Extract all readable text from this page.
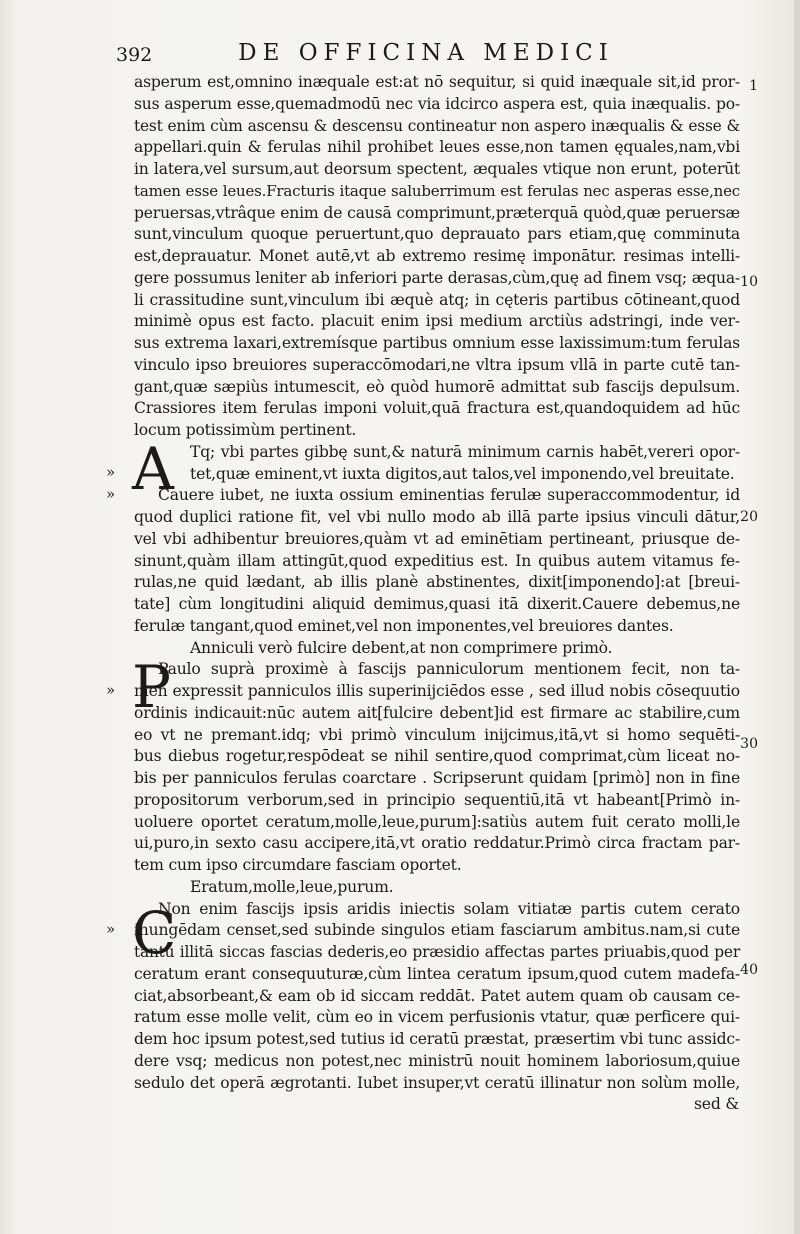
392	DE OFFICINA MEDICI
asperum est,omnino inæquale est:at nō sequitur, si quid inæquale sit,id pror-
sus asperum esse,quemadmodū nec via idcirco aspera est, quia inæqualis. po-
test enim cùm ascensu & descensu contineatur non aspero inæqualis & esse &
appellari.quin & ferulas nihil prohibet leues esse,non tamen ęquales,nam,vbi
in latera,vel sursum,aut deorsum spectent, æquales vtique non erunt, poterūt
tamen esse leues.Fracturis itaque saluberrimum est ferulas nec asperas esse,nec
peruersas,vtrâque enim de causā comprimunt,præterquā quòd,quæ peruersæ
sunt,vinculum quoque peruertunt,quo deprauato pars etiam,quę comminuta
est,deprauatur. Monet autē,vt ab extremo resimę imponātur. resimas intelli-
gere possumus leniter ab inferiori parte derasas,cùm,quę ad finem vsq; æqua-
li crassitudine sunt,vinculum ibi æquè atq; in cęteris partibus cōtineant,quod
minimè opus est facto. placuit enim ipsi medium arctiùs adstringi, inde ver-
sus extrema laxari,extremísque partibus omnium esse laxissimum:tum ferulas
vinculo ipso breuiores superaccōmodari,ne vltra ipsum vllā in parte cutē tan-
gant,quæ sæpiùs intumescit, eò quòd humorē admittat sub fascijs depulsum.
Crassiores item ferulas imponi voluit,quā fractura est,quandoquidem ad hūc
locum potissimùm pertinent.
Tq; vbi partes gibbę sunt,& naturā minimum carnis habēt,vereri opor-
tet,quæ eminent,vt iuxta digitos,aut talos,vel imponendo,vel breuitate.
Cauere iubet, ne iuxta ossium eminentias ferulæ superaccommodentur, id
quod duplici ratione fit, vel vbi nullo modo ab illā parte ipsius vinculi dātur,
vel vbi adhibentur breuiores,quàm vt ad eminētiam pertineant, priusque de-
sinunt,quàm illam attingūt,quod expeditius est. In quibus autem vitamus fe-
rulas,ne quid lædant, ab illis planè abstinentes, dixit[imponendo]:at [breui-
tate] cùm longitudini aliquid demimus,quasi itā dixerit.Cauere debemus,ne
ferulæ tangant,quod eminet,vel non imponentes,vel breuiores dantes.
Anniculi verò fulcire debent,at non comprimere primò.
Paulo suprà proximè à fascijs panniculorum mentionem fecit, non ta-
men expressit panniculos illis superinijciēdos esse , sed illud nobis cōsequutio
ordinis indicauit:nūc autem ait[fulcire debent]id est firmare ac stabilire,cum
eo vt ne premant.idq; vbi primò vinculum inijcimus,itā,vt si homo sequēti-
bus diebus rogetur,respōdeat se nihil sentire,quod comprimat,cùm liceat no-
bis per panniculos ferulas coarctare . Scripserunt quidam [primò] non in fine
propositorum verborum,sed in principio sequentiū,itā vt habeant[Primò in-
uoluere oportet ceratum,molle,leue,purum]:satiùs autem fuit cerato molli,le
ui,puro,in sexto casu accipere,itā,vt oratio reddatur.Primò circa fractam par-
tem cum ipso circumdare fasciam oportet.
Eratum,molle,leue,purum.
Non enim fascijs ipsis aridis iniectis solam vitiatæ partis cutem cerato
inungēdam censet,sed subinde singulos etiam fasciarum ambitus.nam,si cute
tantū illitā siccas fascias dederis,eo præsidio affectas partes priuabis,quod per
ceratum erant consequuturæ,cùm lintea ceratum ipsum,quod cutem madefa-
ciat,absorbeant,& eam ob id siccam reddāt. Patet autem quam ob causam ce-
ratum esse molle velit, cùm eo in vicem perfusionis vtatur, quæ perficere qui-
dem hoc ipsum potest,sed tutius id ceratū præstat, præsertim vbi tunc assidc-
dere vsq; medicus non potest,nec ministrū nouit hominem laboriosum,quiue
sedulo det operā ægrotanti. Iubet insuper,vt ceratū illinatur non solùm molle,
sed &
A
P
C
»
»
»
»
1
10
20
30
40
